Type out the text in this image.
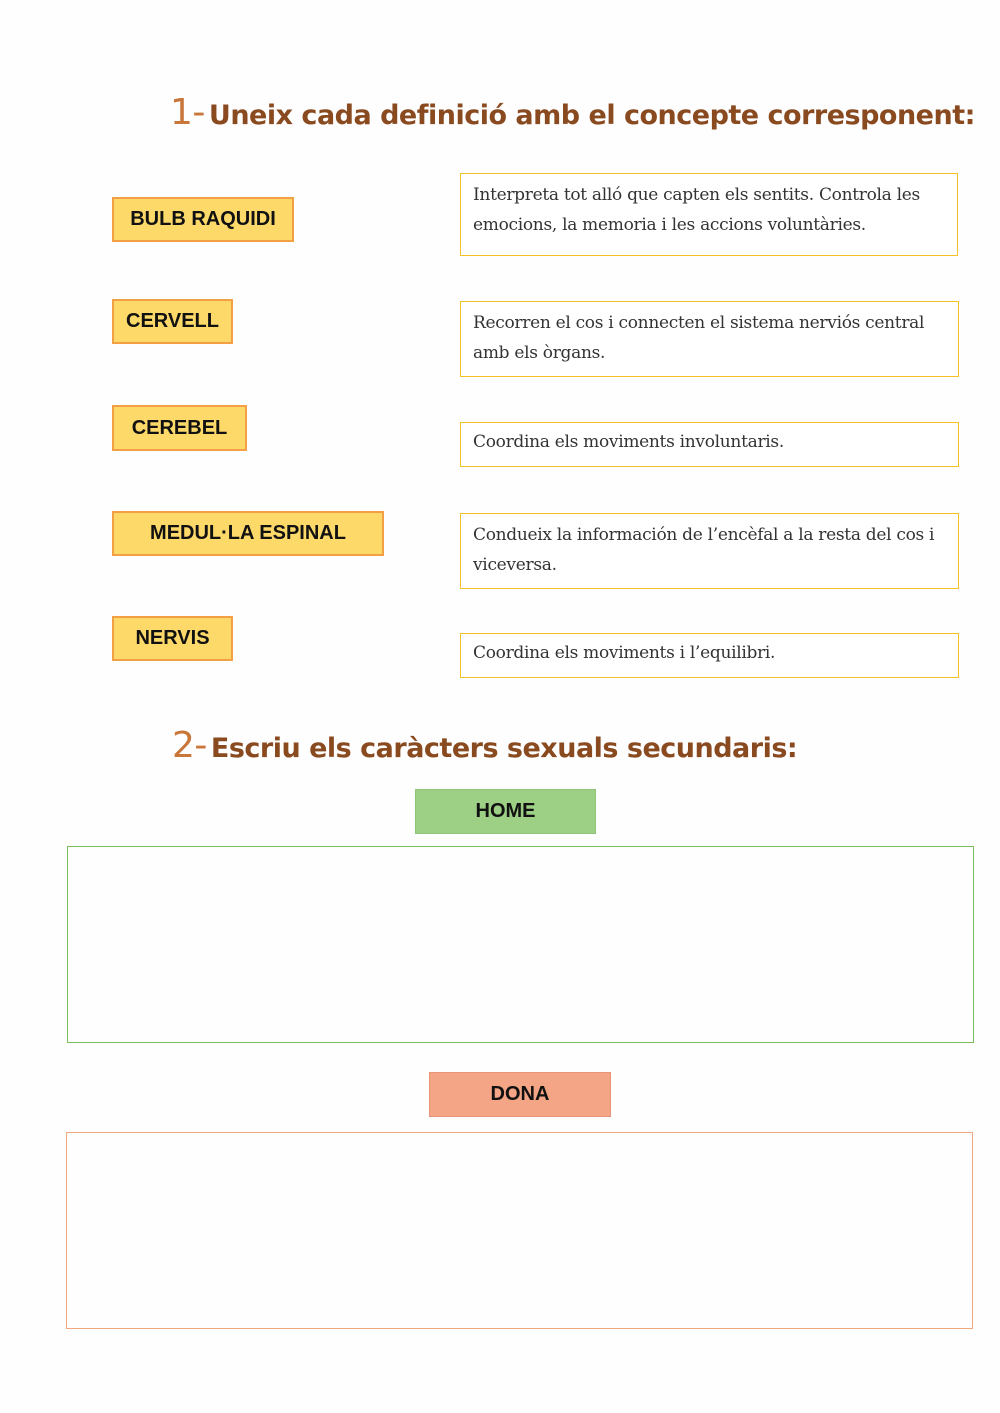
1- Uneix cada definició amb el concepte corresponent:
BULB RAQUIDI
CERVELL
CEREBEL
MEDUL·LA ESPINAL
NERVIS
Interpreta tot alló que capten els sentits. Controla les emocions, la memoria i les accions voluntàries.
Recorren el cos i connecten el sistema nerviós central amb els òrgans.
Coordina els moviments involuntaris.
Condueix la información de l’encèfal a la resta del cos i viceversa.
Coordina els moviments i l’equilibri.
2- Escriu els caràcters sexuals secundaris:
HOME
DONA
